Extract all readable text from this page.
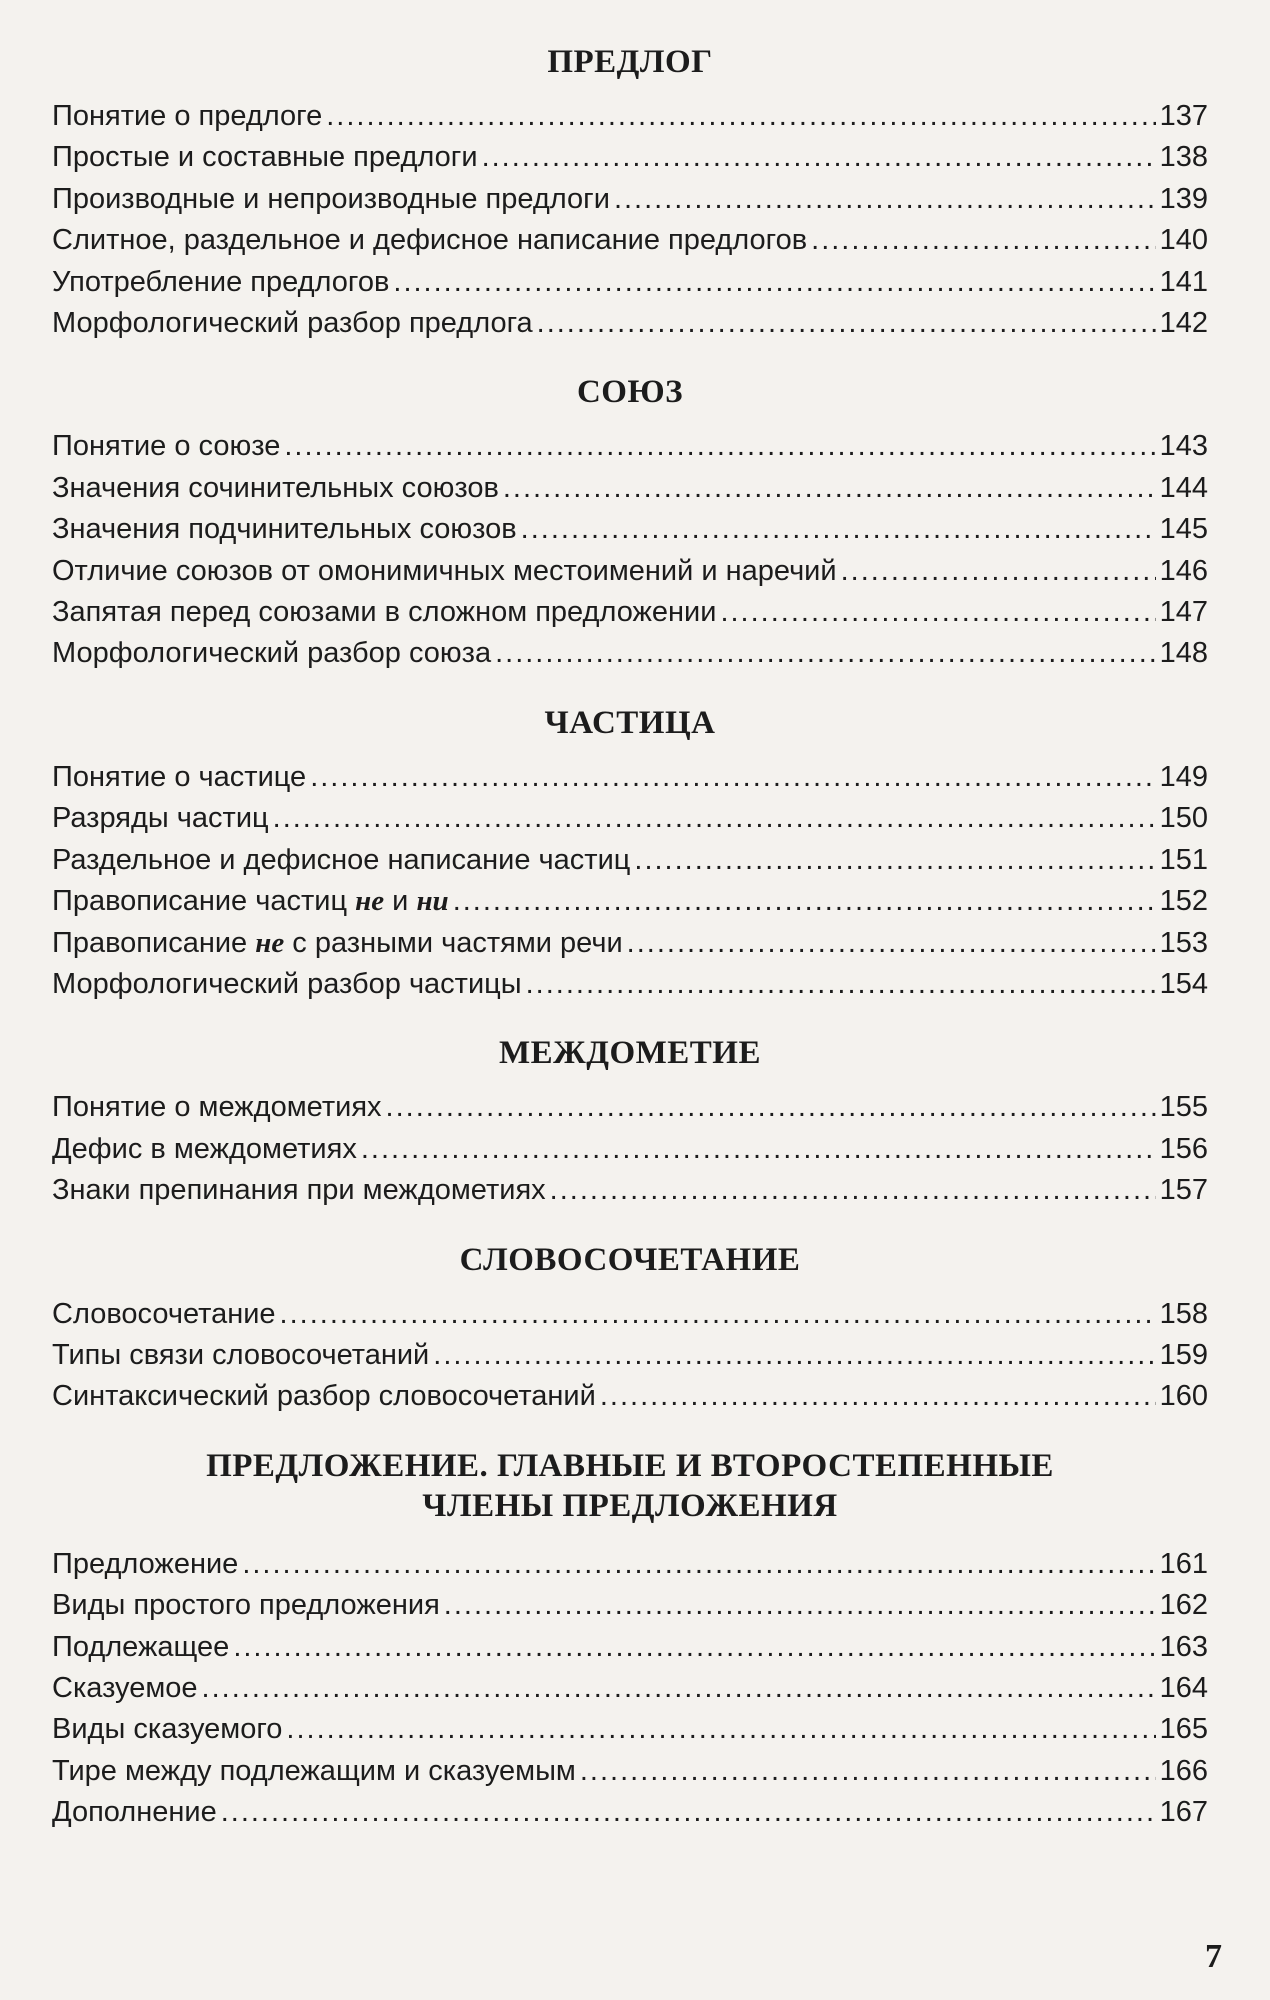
ПРЕДЛОГ
Понятие о предлоге .....	137
Простые и составные предлоги .....	138
Производные и непроизводные предлоги .....	139
Слитное, раздельное и дефисное написание предлогов .....	140
Употребление предлогов .....	141
Морфологический разбор предлога .....	142
СОЮЗ
Понятие о союзе .....	143
Значения сочинительных союзов .....	144
Значения подчинительных союзов .....	145
Отличие союзов от омонимичных местоимений и наречий .....	146
Запятая перед союзами в сложном предложении .....	147
Морфологический разбор союза .....	148
ЧАСТИЦА
Понятие о частице .....	149
Разряды частиц .....	150
Раздельное и дефисное написание частиц .....	151
Правописание частиц не и ни .....	152
Правописание не с разными частями речи .....	153
Морфологический разбор частицы .....	154
МЕЖДОМЕТИЕ
Понятие о междометиях .....	155
Дефис в междометиях .....	156
Знаки препинания при междометиях .....	157
СЛОВОСОЧЕТАНИЕ
Словосочетание .....	158
Типы связи словосочетаний .....	159
Синтаксический разбор словосочетаний .....	160
ПРЕДЛОЖЕНИЕ. ГЛАВНЫЕ И ВТОРОСТЕПЕННЫЕ
ЧЛЕНЫ ПРЕДЛОЖЕНИЯ
Предложение .....	161
Виды простого предложения .....	162
Подлежащее .....	163
Сказуемое .....	164
Виды сказуемого .....	165
Тире между подлежащим и сказуемым .....	166
Дополнение .....	167
7
